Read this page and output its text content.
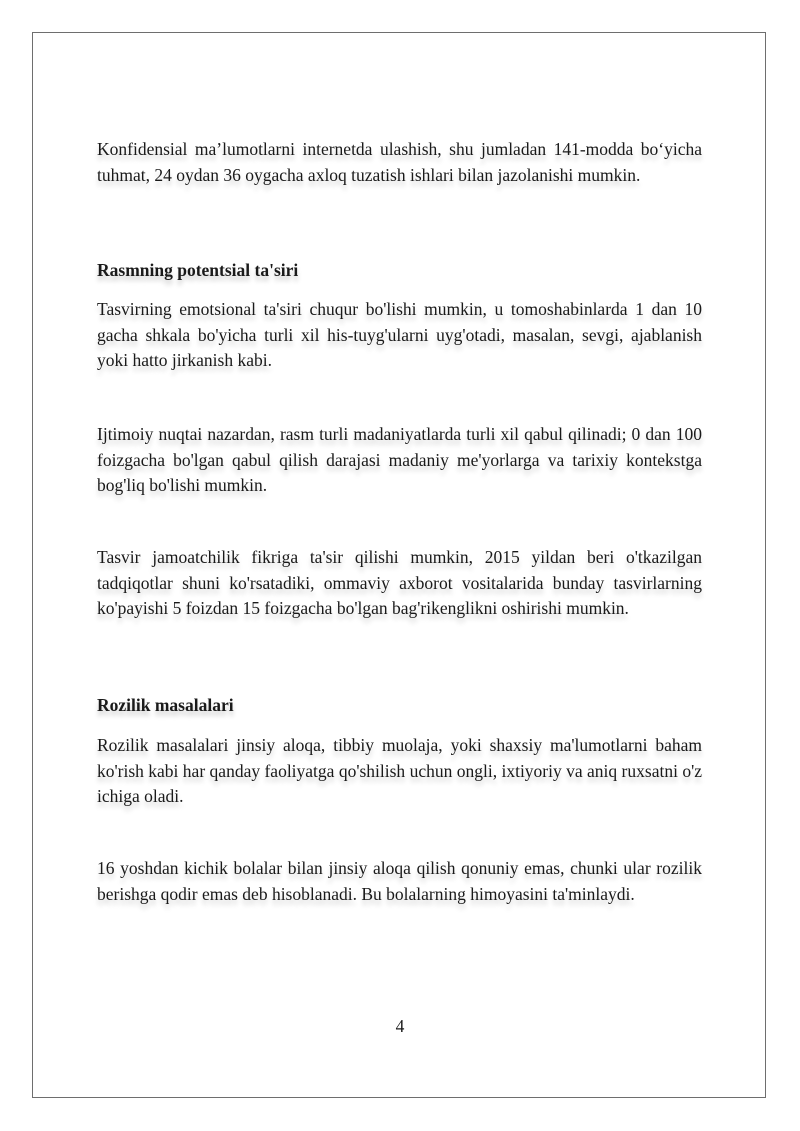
Konfidensial ma’lumotlarni internetda ulashish, shu jumladan 141-modda bo‘yicha tuhmat, 24 oydan 36 oygacha axloq tuzatish ishlari bilan jazolanishi mumkin.

Rasmning potentsial ta'siri

Tasvirning emotsional ta'siri chuqur bo'lishi mumkin, u tomoshabinlarda 1 dan 10 gacha shkala bo'yicha turli xil his-tuyg'ularni uyg'otadi, masalan, sevgi, ajablanish yoki hatto jirkanish kabi.

Ijtimoiy nuqtai nazardan, rasm turli madaniyatlarda turli xil qabul qilinadi; 0 dan 100 foizgacha bo'lgan qabul qilish darajasi madaniy me'yorlarga va tarixiy kontekstga bog'liq bo'lishi mumkin.

Tasvir jamoatchilik fikriga ta'sir qilishi mumkin, 2015 yildan beri o'tkazilgan tadqiqotlar shuni ko'rsatadiki, ommaviy axborot vositalarida bunday tasvirlarning ko'payishi 5 foizdan 15 foizgacha bo'lgan bag'rikenglikni oshirishi mumkin.

Rozilik masalalari

Rozilik masalalari jinsiy aloqa, tibbiy muolaja, yoki shaxsiy ma'lumotlarni baham ko'rish kabi har qanday faoliyatga qo'shilish uchun ongli, ixtiyoriy va aniq ruxsatni o'z ichiga oladi.

16 yoshdan kichik bolalar bilan jinsiy aloqa qilish qonuniy emas, chunki ular rozilik berishga qodir emas deb hisoblanadi. Bu bolalarning himoyasini ta'minlaydi.

4
